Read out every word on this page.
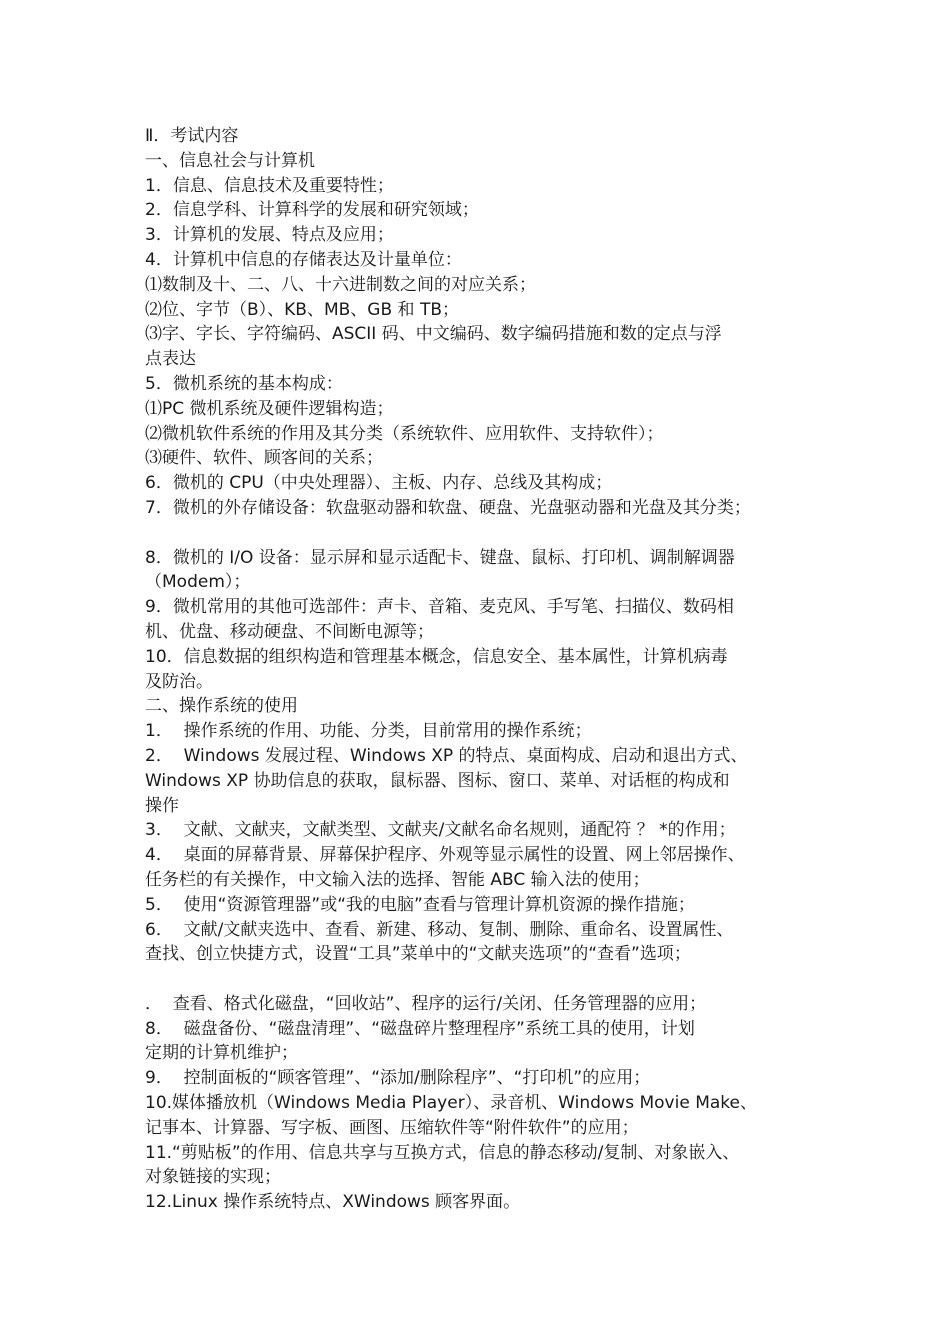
Ⅱ．考试内容
一、信息社会与计算机
1．信息、信息技术及重要特性；
2．信息学科、计算科学的发展和研究领域；
3．计算机的发展、特点及应用；
4．计算机中信息的存储表达及计量单位：
⑴数制及十、二、八、十六进制数之间的对应关系；
⑵位、字节（B）、KB、MB、GB 和 TB；
⑶字、字长、字符编码、ASCII 码、中文编码、数字编码措施和数的定点与浮
点表达
5．微机系统的基本构成：
⑴PC 微机系统及硬件逻辑构造；
⑵微机软件系统的作用及其分类（系统软件、应用软件、支持软件）；
⑶硬件、软件、顾客间的关系；
6．微机的 CPU（中央处理器）、主板、内存、总线及其构成；
7．微机的外存储设备：软盘驱动器和软盘、硬盘、光盘驱动器和光盘及其分类；
8．微机的 I/O 设备：显示屏和显示适配卡、键盘、鼠标、打印机、调制解调器
（Modem）；
9．微机常用的其他可选部件：声卡、音箱、麦克风、手写笔、扫描仪、数码相
机、优盘、移动硬盘、不间断电源等；
10．信息数据的组织构造和管理基本概念，信息安全、基本属性，计算机病毒
及防治。
二、操作系统的使用
1．  操作系统的作用、功能、分类，目前常用的操作系统；
2．  Windows 发展过程、Windows XP 的特点、桌面构成、启动和退出方式、
Windows XP 协助信息的获取，鼠标器、图标、窗口、菜单、对话框的构成和
操作
3．  文献、文献夹，文献类型、文献夹/文献名命名规则，通配符 ？ *的作用；
4．  桌面的屏幕背景、屏幕保护程序、外观等显示属性的设置、网上邻居操作、
任务栏的有关操作，中文输入法的选择、智能 ABC 输入法的使用；
5．  使用“资源管理器”或“我的电脑”查看与管理计算机资源的操作措施；
6．  文献/文献夹选中、查看、新建、移动、复制、删除、重命名、设置属性、
查找、创立快捷方式，设置“工具”菜单中的“文献夹选项”的“查看”选项；
．  查看、格式化磁盘，“回收站”、程序的运行/关闭、任务管理器的应用；
8．  磁盘备份、“磁盘清理”、“磁盘碎片整理程序”系统工具的使用，计划
定期的计算机维护；
9．  控制面板的“顾客管理”、“添加/删除程序”、“打印机”的应用；
10.媒体播放机（Windows Media Player）、录音机、Windows Movie Make、
记事本、计算器、写字板、画图、压缩软件等“附件软件”的应用；
11.“剪贴板”的作用、信息共享与互换方式，信息的静态移动/复制、对象嵌入、
对象链接的实现；
12.Linux 操作系统特点、XWindows 顾客界面。
